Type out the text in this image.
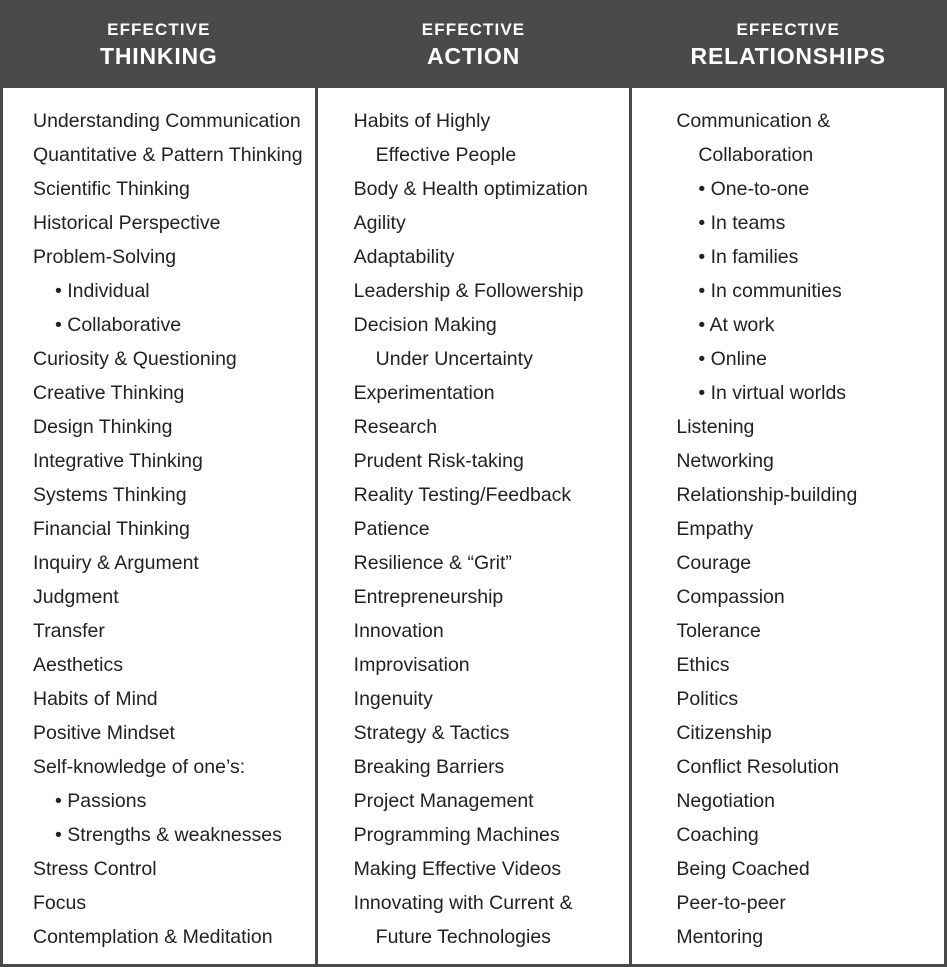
EFFECTIVE
THINKING
Understanding Communication
Quantitative & Pattern Thinking
Scientific Thinking
Historical Perspective
Problem-Solving
• Individual
• Collaborative
Curiosity & Questioning
Creative Thinking
Design Thinking
Integrative Thinking
Systems Thinking
Financial Thinking
Inquiry & Argument
Judgment
Transfer
Aesthetics
Habits of Mind
Positive Mindset
Self-knowledge of one’s:
• Passions
• Strengths & weaknesses
Stress Control
Focus
Contemplation & Meditation
EFFECTIVE
ACTION
Habits of Highly
Effective People
Body & Health optimization
Agility
Adaptability
Leadership & Followership
Decision Making
Under Uncertainty
Experimentation
Research
Prudent Risk-taking
Reality Testing/Feedback
Patience
Resilience & “Grit”
Entrepreneurship
Innovation
Improvisation
Ingenuity
Strategy & Tactics
Breaking Barriers
Project Management
Programming Machines
Making Effective Videos
Innovating with Current &
Future Technologies
EFFECTIVE
RELATIONSHIPS
Communication &
Collaboration
• One-to-one
• In teams
• In families
• In communities
• At work
• Online
• In virtual worlds
Listening
Networking
Relationship-building
Empathy
Courage
Compassion
Tolerance
Ethics
Politics
Citizenship
Conflict Resolution
Negotiation
Coaching
Being Coached
Peer-to-peer
Mentoring
